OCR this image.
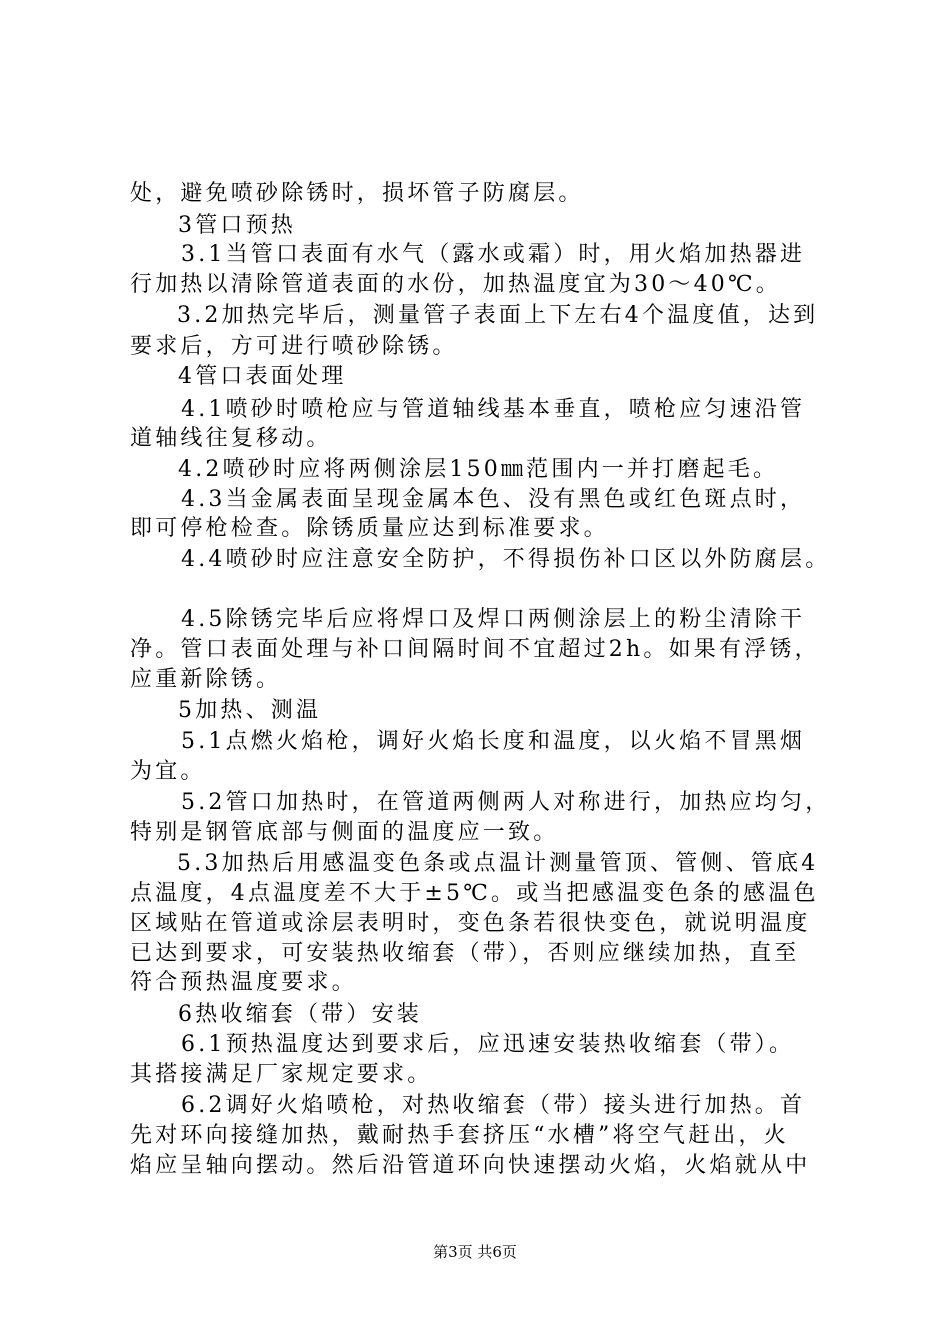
处，避免喷砂除锈时，损坏管子防腐层。
3管口预热
3.1当管口表面有水气（露水或霜）时，用火焰加热器进
行加热以清除管道表面的水份，加热温度宜为30～40℃。
3.2加热完毕后，测量管子表面上下左右4个温度值，达到
要求后，方可进行喷砂除锈。
4管口表面处理
4.1喷砂时喷枪应与管道轴线基本垂直，喷枪应匀速沿管
道轴线往复移动。
4.2喷砂时应将两侧涂层150㎜范围内一并打磨起毛。
4.3当金属表面呈现金属本色、没有黑色或红色斑点时，
即可停枪检查。除锈质量应达到标准要求。
4.4喷砂时应注意安全防护，不得损伤补口区以外防腐层。
4.5除锈完毕后应将焊口及焊口两侧涂层上的粉尘清除干
净。管口表面处理与补口间隔时间不宜超过2h。如果有浮锈，
应重新除锈。
5加热、测温
5.1点燃火焰枪，调好火焰长度和温度，以火焰不冒黑烟
为宜。
5.2管口加热时，在管道两侧两人对称进行，加热应均匀，
特别是钢管底部与侧面的温度应一致。
5.3加热后用感温变色条或点温计测量管顶、管侧、管底4
点温度，4点温度差不大于±5℃。或当把感温变色条的感温色
区域贴在管道或涂层表明时，变色条若很快变色，就说明温度
已达到要求，可安装热收缩套（带），否则应继续加热，直至
符合预热温度要求。
6热收缩套（带）安装
6.1预热温度达到要求后，应迅速安装热收缩套（带）。
其搭接满足厂家规定要求。
6.2调好火焰喷枪，对热收缩套（带）接头进行加热。首
先对环向接缝加热，戴耐热手套挤压“水槽”将空气赶出，火
焰应呈轴向摆动。然后沿管道环向快速摆动火焰，火焰就从中
第3页 共6页
